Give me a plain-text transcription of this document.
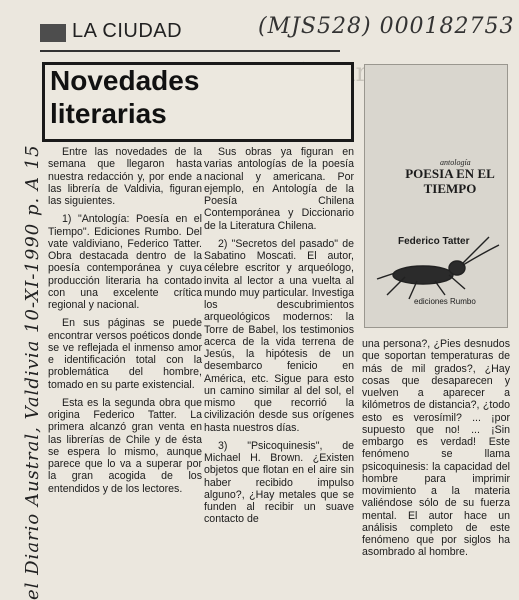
LA CIUDAD	(MJS528) 000182753
Novedades literarias
antología
POESIA EN EL TIEMPO
Federico Tatter
ediciones Rumbo

Entre las novedades de la semana que llegaron hasta nuestra redacción y, por ende a las librería de Valdivia, figuran las siguientes.

1) "Antología: Poesía en el Tiempo". Ediciones Rumbo. Del vate valdiviano, Federico Tatter. Obra destacada dentro de la poesía contemporánea y cuya producción literaria ha contado con una excelente crítica regional y nacional.

En sus páginas se puede encontrar versos poéticos donde se ve reflejada el inmenso amor e identificación total con la problemática del hombre, tomado en su parte existencial.

Esta es la segunda obra que origina Federico Tatter. La primera alcanzó gran venta en las librerías de Chile y de ésta se espera lo mismo, aunque parece que lo va a superar por la gran acogida de los entendidos y de los lectores.

Sus obras ya figuran en varias antologías de la poesía nacional y americana. Por ejemplo, en Antología de la Poesía Chilena Contemporánea y Diccionario de la Literatura Chilena.

2) "Secretos del pasado" de Sabatino Moscati. El autor, célebre escritor y arqueólogo, invita al lector a una vuelta al mundo muy particular. Investiga los descubrimientos arqueológicos modernos: la Torre de Babel, los testimonios acerca de la vida terrena de Jesús, la hipótesis de un desembarco fenicio en América, etc. Sigue para esto un camino similar al del sol, el mismo que recorrió la civilización desde sus orígenes hasta nuestros días.

3) "Psicoquinesis", de Michael H. Brown. ¿Existen objetos que flotan en el aire sin haber recibido impulso alguno?, ¿Hay metales que se funden al recibir un suave contacto de

una persona?, ¿Pies desnudos que soportan temperaturas de más de mil grados?, ¿Hay cosas que desaparecen y vuelven a aparecer a kilómetros de distancia?, ¿todo esto es verosímil? ... ¡por supuesto que no! ... ¡Sin embargo es verdad! Este fenómeno se llama psicoquinesis: la capacidad del hombre para imprimir movimiento a la materia valiéndose sólo de su fuerza mental. El autor hace un análisis completo de este fenómeno que por siglos ha asombrado al hombre.

el Diario Austral, Valdivia 10-XI-1990 p. A 15
